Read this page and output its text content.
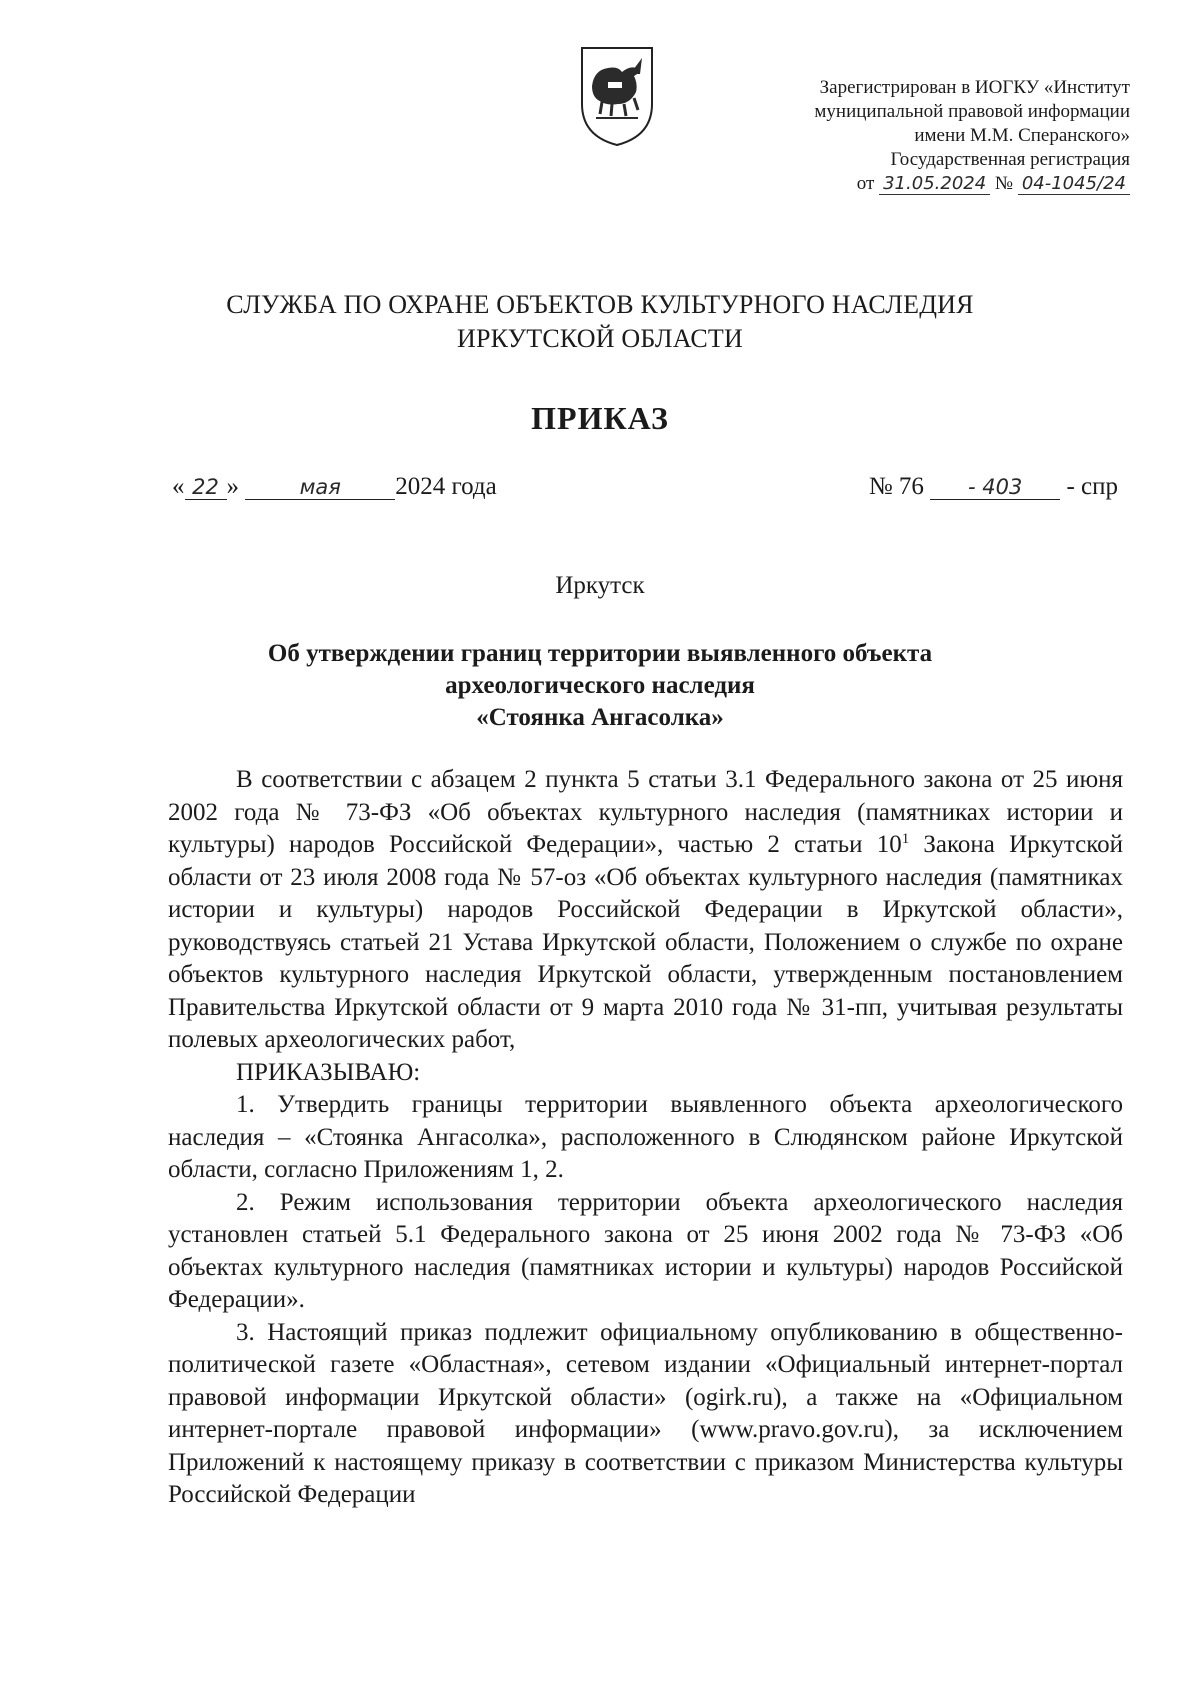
Зарегистрирован в ИОГКУ «Институт
муниципальной правовой информации
имени М.М. Сперанского»
Государственная регистрация
от 31.05.2024 № 04-1045/24
СЛУЖБА ПО ОХРАНЕ ОБЪЕКТОВ КУЛЬТУРНОГО НАСЛЕДИЯ
ИРКУТСКОЙ ОБЛАСТИ
ПРИКАЗ
« 22 »	мая 2024 года	№ 76 - 403 - спр
Иркутск
Об утверждении границ территории выявленного объекта
археологического наследия
«Стоянка Ангасолка»

В соответствии с абзацем 2 пункта 5 статьи 3.1 Федерального закона от 25 июня 2002 года № 73-ФЗ «Об объектах культурного наследия (памятниках истории и культуры) народов Российской Федерации», частью 2 статьи $10^1$ Закона Иркутской области от 23 июля 2008 года № 57-оз «Об объектах культурного наследия (памятниках истории и культуры) народов Российской Федерации в Иркутской области», руководствуясь статьей 21 Устава Иркутской области, Положением о службе по охране объектов культурного наследия Иркутской области, утвержденным постановлением Правительства Иркутской области от 9 марта 2010 года № 31-пп, учитывая результаты полевых археологических работ,

ПРИКАЗЫВАЮ:

1. Утвердить границы территории выявленного объекта археологического наследия – «Стоянка Ангасолка», расположенного в Слюдянском районе Иркутской области, согласно Приложениям 1, 2.

2. Режим использования территории объекта археологического наследия установлен статьей 5.1 Федерального закона от 25 июня 2002 года № 73-ФЗ «Об объектах культурного наследия (памятниках истории и культуры) народов Российской Федерации».

3. Настоящий приказ подлежит официальному опубликованию в общественно-политической газете «Областная», сетевом издании «Официальный интернет-портал правовой информации Иркутской области» (ogirk.ru), а также на «Официальном интернет-портале правовой информации» (www.pravo.gov.ru), за исключением Приложений к настоящему приказу в соответствии с приказом Министерства культуры Российской Федерации
